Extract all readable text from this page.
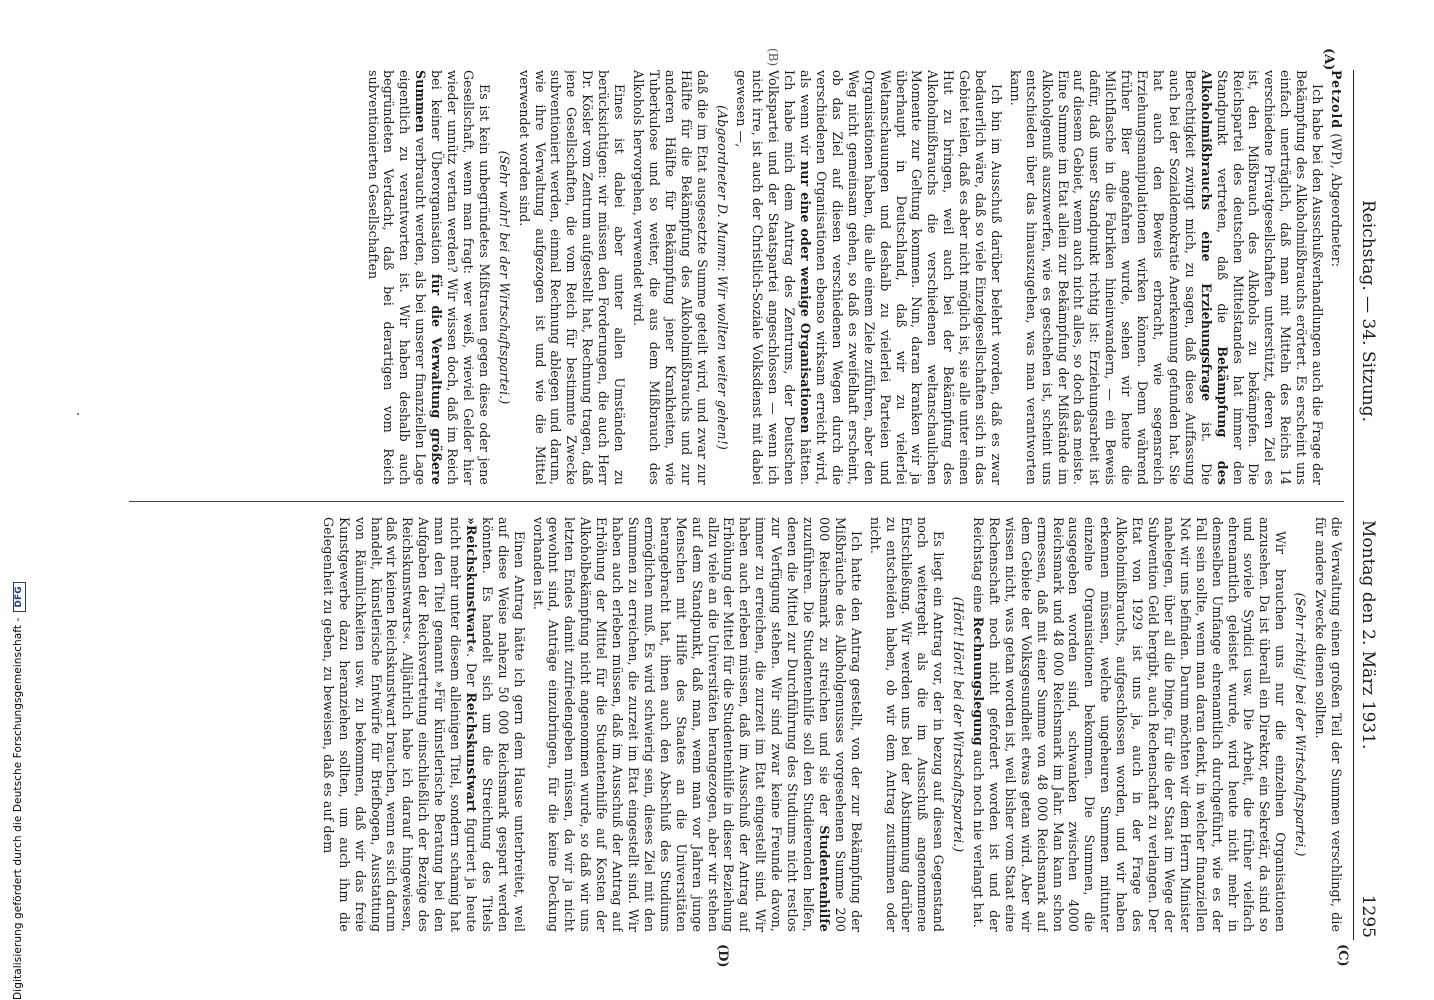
Reichstag. — 34. Sitzung.
Montag den 2. März 1931.
1295
(A)
(B)
(C)
(D)

Petzold (WP), Abgeordneter:

Ich habe bei den Ausschußverhandlungen auch die Frage der Bekämpfung des Alkoholmißbrauchs erörtert. Es erscheint uns einfach unerträglich, daß man mit Mitteln des Reichs 14 verschiedene Privatgesellschaften unterstützt, deren Ziel es ist, den Mißbrauch des Alkohols zu bekämpfen. Die Reichspartei des deutschen Mittelstandes hat immer den Standpunkt vertreten, daß die Bekämpfung des Alkoholmißbrauchs eine Erziehungsfrage ist. Die Berechtigkeit zwingt mich, zu sagen, daß diese Auffassung auch bei der Sozialdemokratie Anerkennung gefunden hat. Sie hat auch den Beweis erbracht, wie segensreich Erziehungsmanipulationen wirken können. Denn während früher Bier angefahren wurde, sehen wir heute die Milchflasche in die Fabriken hineinwandern, — ein Beweis dafür, daß unser Standpunkt richtig ist: Erziehungsarbeit ist auf diesem Gebiet, wenn auch nicht alles, so doch das meiste. Eine Summe im Etat allein zur Bekämpfung der Mißstände im Alkoholgenuß auszuwerfen, wie es geschehen ist, scheint uns entschieden über das hinauszugehen, was man verantworten kann.

Ich bin im Ausschuß darüber belehrt worden, daß es zwar bedauerlich wäre, daß so viele Einzelgesellschaften sich in das Gebiet teilen, daß es aber nicht möglich ist, sie alle unter einen Hut zu bringen, weil auch bei der Bekämpfung des Alkoholmißbrauchs die verschiedenen weltanschaulichen Momente zur Geltung kommen. Nun, daran kranken wir ja überhaupt in Deutschland, daß wir zu vielerlei Weltanschauungen und deshalb zu vielerlei Parteien und Organisationen haben, die alle einem Ziele zuführen, aber den Weg nicht gemeinsam gehen, so daß es zweifelhaft erscheint, ob das Ziel auf diesen verschiedenen Wegen durch die verschiedenen Organisationen ebenso wirksam erreicht wird, als wenn wir nur eine oder wenige Organisationen hätten. Ich habe mich dem Antrag des Zentrums, der Deutschen Volkspartei und der Staatspartei angeschlossen — wenn ich nicht irre, ist auch der Christlich-Soziale Volksdienst mit dabei gewesen —,

(Abgeordneter D. Mumm: Wir wollten weiter gehen!)

daß die im Etat ausgesetzte Summe geteilt wird, und zwar zur Hälfte für die Bekämpfung des Alkoholmißbrauchs und zur anderen Hälfte für Bekämpfung jener Krankheiten, wie Tuberkulose und so weiter, die aus dem Mißbrauch des Alkohols hervorgehen, verwendet wird.

Eines ist dabei aber unter allen Umständen zu berücksichtigen: wir müssen den Forderungen, die auch Herr Dr. Kösler vom Zentrum aufgestellt hat, Rechnung tragen, daß jene Gesellschaften, die vom Reich für bestimmte Zwecke subventioniert werden, einmal Rechnung ablegen und darum, wie ihre Verwaltung aufgezogen ist und wie die Mittel verwendet worden sind.

(Sehr wahr! bei der Wirtschaftspartei.)

Es ist kein unbegründetes Mißtrauen gegen diese oder jene Gesellschaft, wenn man fragt: wer weiß, wieviel Gelder hier wieder unnütz vertan werden? Wir wissen doch, daß im Reich bei keiner Überorganisation für die Verwaltung größere Summen verbraucht werden, als bei unserer finanziellen Lage eigentlich zu verantworten ist. Wir haben deshalb auch begründeten Verdacht, daß bei derartigen vom Reich subventionierten Gesellschaften

die Verwaltung einen großen Teil der Summen verschlingt, die für andere Zwecke dienen sollten.

(Sehr richtig! bei der Wirtschaftspartei.)

Wir brauchen uns nur die einzelnen Organisationen anzusehen. Da ist überall ein Direktor, ein Sekretär, da sind so und soviele Syndici usw. Die Arbeit, die früher vielfach ehrenamtlich geleistet wurde, wird heute nicht mehr in demselben Umfange ehrenamtlich durchgeführt, wie es der Fall sein sollte, wenn man daran denkt, in welcher finanziellen Not wir uns befinden. Darum möchten wir dem Herrn Minister nahelegen, über all die Dinge, für die der Staat im Wege der Subvention Geld hergibt, auch Rechenschaft zu verlangen. Der Etat von 1929 ist uns ja, auch in der Frage des Alkoholmißbrauchs, aufgeschlossen worden, und wir haben erkennen müssen, welche ungeheuren Summen mitunter einzelne Organisationen bekommen. Die Summen, die ausgegeben worden sind, schwanken zwischen 4000 Reichsmark und 48 000 Reichsmark im Jahr. Man kann schon ermessen, daß mit einer Summe von 48 000 Reichsmark auf dem Gebiete der Volksgesundheit etwas getan wird. Aber wir wissen nicht, was getan worden ist, weil bisher vom Staat eine Rechenschaft noch nicht gefordert worden ist und der Reichstag eine Rechnungslegung auch noch nie verlangt hat.

(Hört! Hört! bei der Wirtschaftspartei.)

Es liegt ein Antrag vor, der in bezug auf diesen Gegenstand noch weitergeht als die im Ausschuß angenommene Entschließung. Wir werden uns bei der Abstimmung darüber zu entscheiden haben, ob wir dem Antrag zustimmen oder nicht.

Ich hatte den Antrag gestellt, von der zur Bekämpfung der Mißbräuche des Alkoholgenusses vorgesehenen Summe 200 000 Reichsmark zu streichen und sie der Studentenhilfe zuzuführen. Die Studentenhilfe soll den Studierenden helfen, denen die Mittel zur Durchführung des Studiums nicht restlos zur Verfügung stehen. Wir sind zwar keine Freunde davon, immer zu erreichen, die zurzeit im Etat eingestellt sind. Wir haben auch erleben müssen, daß im Ausschuß der Antrag auf Erhöhung der Mittel für die Studentenhilfe in dieser Beziehung allzu viele an die Universitäten herangezogen, aber wir stehen auf dem Standpunkt, daß man, wenn man vor Jahren junge Menschen mit Hilfe des Staates an die Universitäten herangebracht hat, ihnen auch den Abschluß des Studiums ermöglichen muß. Es wird schwierig sein, dieses Ziel mit den Summen zu erreichen, die zurzeit im Etat eingestellt sind. Wir haben auch erleben müssen, daß im Ausschuß der Antrag auf Erhöhung der Mittel für die Studentenhilfe auf Kosten der Alkoholbekämpfung nicht angenommen wurde, so daß wir uns letzten Endes damit zufriedengeben müssen, da wir ja nicht gewohnt sind, Anträge einzubringen, für die keine Deckung vorhanden ist.

Einen Antrag hätte ich gern dem Hause unterbreitet, weil auf diese Weise nahezu 50 000 Reichsmark gespart werden könnten. Es handelt sich um die Streichung des Titels »Reichskunstwart«. Der Reichskunstwart figuriert ja heute nicht mehr unter diesem alleinigen Titel, sondern schamig hat man den Titel genannt »Für künstlerische Beratung bei den Aufgaben der Reichsvertretung einschließlich der Bezüge des Reichskunstwarts«. Alljährlich habe ich darauf hingewiesen, daß wir keinen Reichskunstwart brauchen, wenn es sich darum handelt, künstlerische Entwürfe für Briefbogen, Ausstattung von Räumlichkeiten usw. zu bekommen, daß wir das freie Kunstgewerbe dazu heranziehen sollten, um auch ihm die Gelegenheit zu geben, zu beweisen, daß es auf dem

Digitalisierung gefördert durch die Deutsche Forschungsgemeinschaft -DFG
